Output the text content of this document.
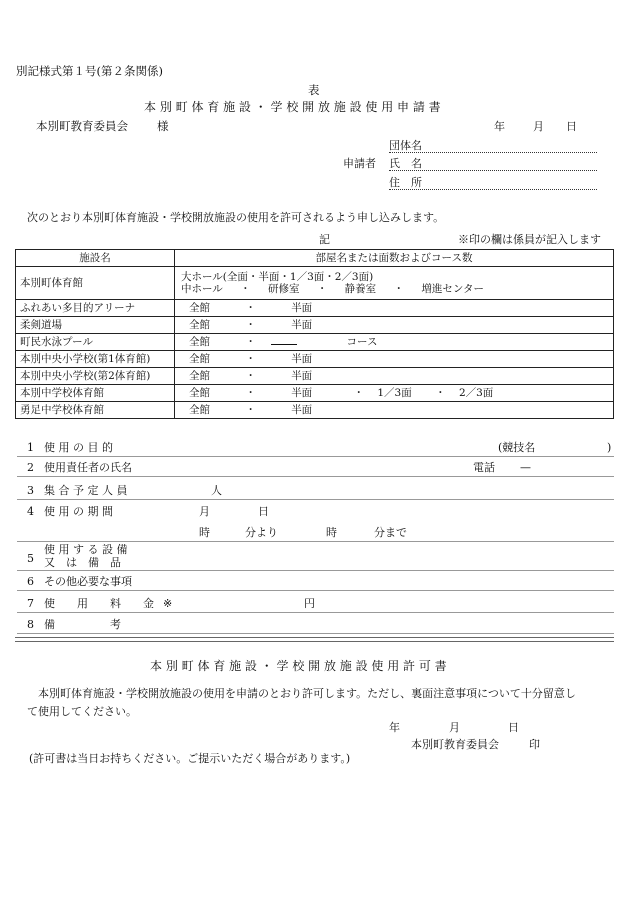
別記様式第１号(第２条関係)
表
本 別 町 体 育 施 設 ・ 学 校 開 放 施 設 使 用 申 請 書
本別町教育委員会	様	年	月 日
団体名
申請者 氏　名
住　所
次のとおり本別町体育施設・学校開放施設の使用を許可されるよう申し込みします。
記	※印の欄は係員が記入します
施設名	部屋名または面数およびコース数
本別町体育館	大ホール(全面・半面・1／3面・2／3面)
中ホール ・ 研修室 ・ 静養室 ・ 増進センター

ふれあい多目的アリーナ	全館 ・ 半面
柔剣道場	全館 ・ 半面
町民水泳プール	全館 ・ コース
本別中央小学校(第1体育館)	全館 ・ 半面
本別中央小学校(第2体育館)	全館 ・ 半面
本別中学校体育館	全館 ・ 半面 ・ 1／3面 ・ 2／3面
勇足中学校体育館	全館 ・ 半面
1 使 用 の 目 的	(競技名	)
2 使用責任者の氏名	電話 —
3 集 合 予 定 人 員	人
4 使 用 の 期 間	月	日
時	分より	時	分まで
5
使 用 す る 設 備
又　は　備　品
6 その他必要な事項
7 使　　用　　料　　金 ※	円
8 備　　　　　考
本 別 町 体 育 施 設 ・ 学 校 開 放 施 設 使 用 許 可 書
本別町体育施設・学校開放施設の使用を申請のとおり許可します。ただし、裏面注意事項について十分留意し
て使用してください。
年	月	日
本別町教育委員会	印
(許可書は当日お持ちください。ご提示いただく場合があります。)
